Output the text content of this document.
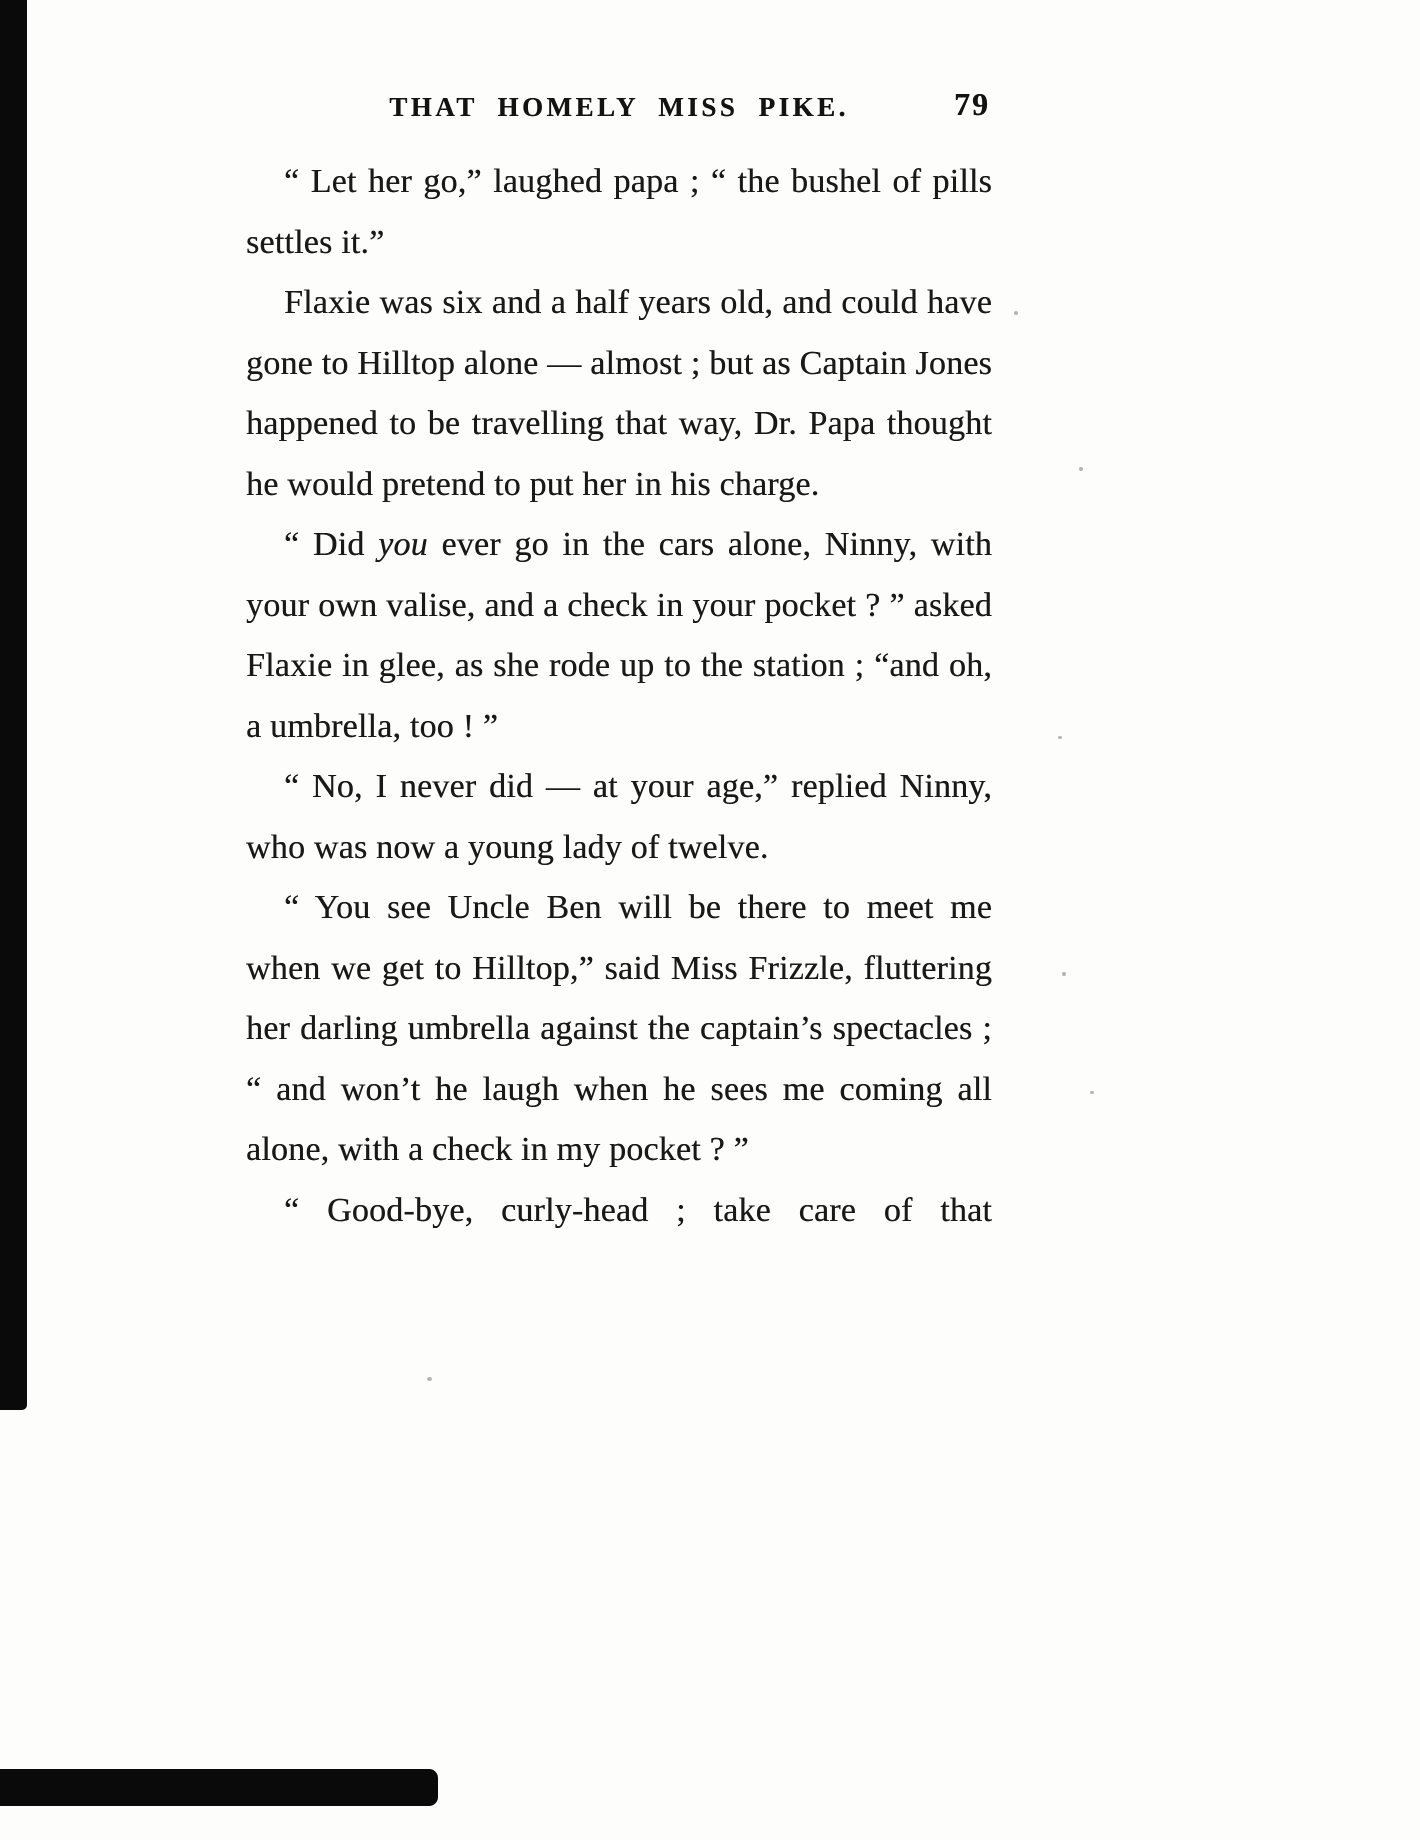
THAT HOMELY MISS PIKE.	79

“ Let her go,” laughed papa ; “ the bushel of pills settles it.”

Flaxie was six and a half years old, and could have gone to Hilltop alone — almost ; but as Captain Jones happened to be travelling that way, Dr. Papa thought he would pretend to put her in his charge.

“ Did you ever go in the cars alone, Ninny, with your own valise, and a check in your pocket ? ” asked Flaxie in glee, as she rode up to the station ; “and oh, a umbrella, too ! ”

“ No, I never did — at your age,” replied Ninny, who was now a young lady of twelve.

“ You see Uncle Ben will be there to meet me when we get to Hilltop,” said Miss Frizzle, fluttering her darling umbrella against the captain’s spectacles ; “ and won’t he laugh when he sees me coming all alone, with a check in my pocket ? ”

“ Good-bye, curly-head ; take care of that
